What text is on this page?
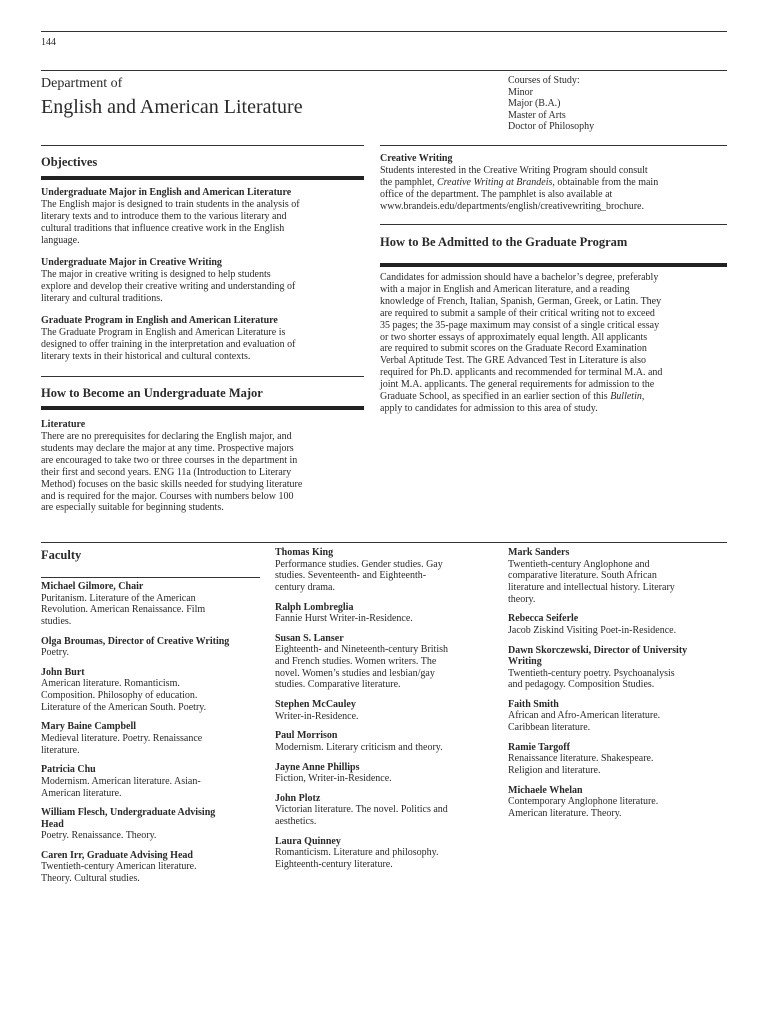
144
Department of
English and American Literature

Courses of Study:

Minor

Major (B.A.)

Master of Arts

Doctor of Philosophy

Objectives

Undergraduate Major in English and American Literature

The English major is designed to train students in the analysis of

literary texts and to introduce them to the various literary and

cultural traditions that influence creative work in the English

language.

Undergraduate Major in Creative Writing

The major in creative writing is designed to help students

explore and develop their creative writing and understanding of

literary and cultural traditions.

Graduate Program in English and American Literature

The Graduate Program in English and American Literature is

designed to offer training in the interpretation and evaluation of

literary texts in their historical and cultural contexts.

How to Become an Undergraduate Major

Literature

There are no prerequisites for declaring the English major, and

students may declare the major at any time. Prospective majors

are encouraged to take two or three courses in the department in

their first and second years. ENG 11a (Introduction to Literary

Method) focuses on the basic skills needed for studying literature

and is required for the major. Courses with numbers below 100

are especially suitable for beginning students.

Creative Writing

Students interested in the Creative Writing Program should consult

the pamphlet, Creative Writing at Brandeis, obtainable from the main

office of the department. The pamphlet is also available at

www.brandeis.edu/departments/english/creativewriting_brochure.

How to Be Admitted to the Graduate Program

Candidates for admission should have a bachelor’s degree, preferably

with a major in English and American literature, and a reading

knowledge of French, Italian, Spanish, German, Greek, or Latin. They

are required to submit a sample of their critical writing not to exceed

35 pages; the 35-page maximum may consist of a single critical essay

or two shorter essays of approximately equal length. All applicants

are required to submit scores on the Graduate Record Examination

Verbal Aptitude Test. The GRE Advanced Test in Literature is also

required for Ph.D. applicants and recommended for terminal M.A. and

joint M.A. applicants. The general requirements for admission to the

Graduate School, as specified in an earlier section of this Bulletin,

apply to candidates for admission to this area of study.

Faculty

Michael Gilmore, Chair

Puritanism. Literature of the American

Revolution. American Renaissance. Film

studies.

Olga Broumas, Director of Creative Writing

Poetry.

John Burt

American literature. Romanticism.

Composition. Philosophy of education.

Literature of the American South. Poetry.

Mary Baine Campbell

Medieval literature. Poetry. Renaissance

literature.

Patricia Chu

Modernism. American literature. Asian-

American literature.

William Flesch, Undergraduate Advising

Head

Poetry. Renaissance. Theory.

Caren Irr, Graduate Advising Head

Twentieth-century American literature.

Theory. Cultural studies.

Thomas King

Performance studies. Gender studies. Gay

studies. Seventeenth- and Eighteenth-

century drama.

Ralph Lombreglia

Fannie Hurst Writer-in-Residence.

Susan S. Lanser

Eighteenth- and Nineteenth-century British

and French studies. Women writers. The

novel. Women’s studies and lesbian/gay

studies. Comparative literature.

Stephen McCauley

Writer-in-Residence.

Paul Morrison

Modernism. Literary criticism and theory.

Jayne Anne Phillips

Fiction, Writer-in-Residence.

John Plotz

Victorian literature. The novel. Politics and

aesthetics.

Laura Quinney

Romanticism. Literature and philosophy.

Eighteenth-century literature.

Mark Sanders

Twentieth-century Anglophone and

comparative literature. South African

literature and intellectual history. Literary

theory.

Rebecca Seiferle

Jacob Ziskind Visiting Poet-in-Residence.

Dawn Skorczewski, Director of University

Writing

Twentieth-century poetry. Psychoanalysis

and pedagogy. Composition Studies.

Faith Smith

African and Afro-American literature.

Caribbean literature.

Ramie Targoff

Renaissance literature. Shakespeare.

Religion and literature.

Michaele Whelan

Contemporary Anglophone literature.

American literature. Theory.
